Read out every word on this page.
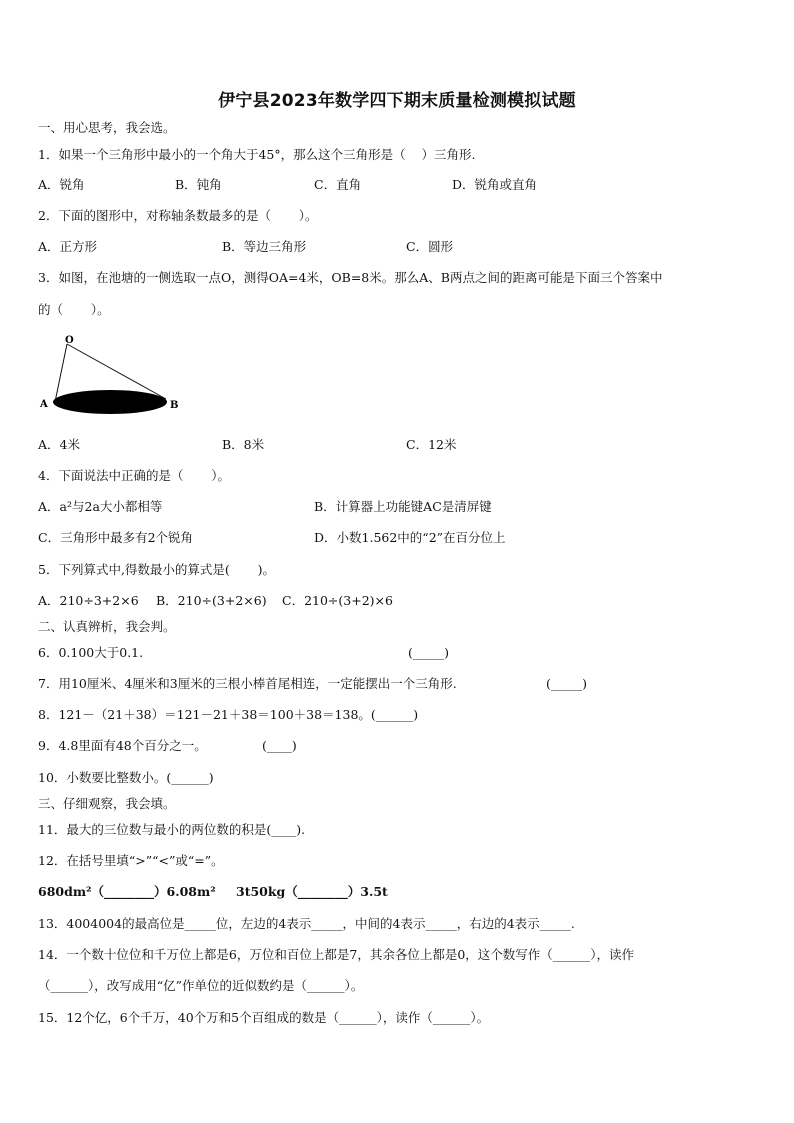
伊宁县2023年数学四下期末质量检测模拟试题
一、用心思考，我会选。
1．如果一个三角形中最小的一个角大于45°，那么这个三角形是（    ）三角形.
A．锐角	B．钝角	C．直角	D．锐角或直角
2．下面的图形中，对称轴条数最多的是（       ）。
A．正方形	B．等边三角形	C．圆形
3．如图，在池塘的一侧选取一点O，测得OA=4米，OB=8米。那么A、B两点之间的距离可能是下面三个答案中
的（       ）。
O
A	B
A．4米	B．8米	C．12米
4．下面说法中正确的是（       ）。
A．a²与2a大小都相等	B．计算器上功能键AC是清屏键
C．三角形中最多有2个锐角	D．小数1.562中的“2”在百分位上
5．下列算式中,得数最小的算式是(       )。
A．210÷3+2×6 B．210÷(3+2×6) C．210÷(3+2)×6
二、认真辨析，我会判。
6．0.100大于0.1.	(_____)
7．用10厘米、4厘米和3厘米的三根小棒首尾相连，一定能摆出一个三角形.	(_____)
8．121－（21＋38）＝121－21＋38＝100＋38＝138。(______)
9．4.8里面有48个百分之一。	(____)
10．小数要比整数小。(______)
三、仔细观察，我会填。
11．最大的三位数与最小的两位数的积是(____).
12．在括号里填“>”“<”或“=”。
680dm²（________）6.08m² 3t50kg（________）3.5t
13．4004004的最高位是_____位，左边的4表示_____，中间的4表示_____，右边的4表示_____.
14．一个数十位位和千万位上都是6，万位和百位上都是7，其余各位上都是0，这个数写作（______），读作
（______），改写成用“亿”作单位的近似数约是（______）。
15．12个亿，6个千万，40个万和5个百组成的数是（______），读作（______）。
